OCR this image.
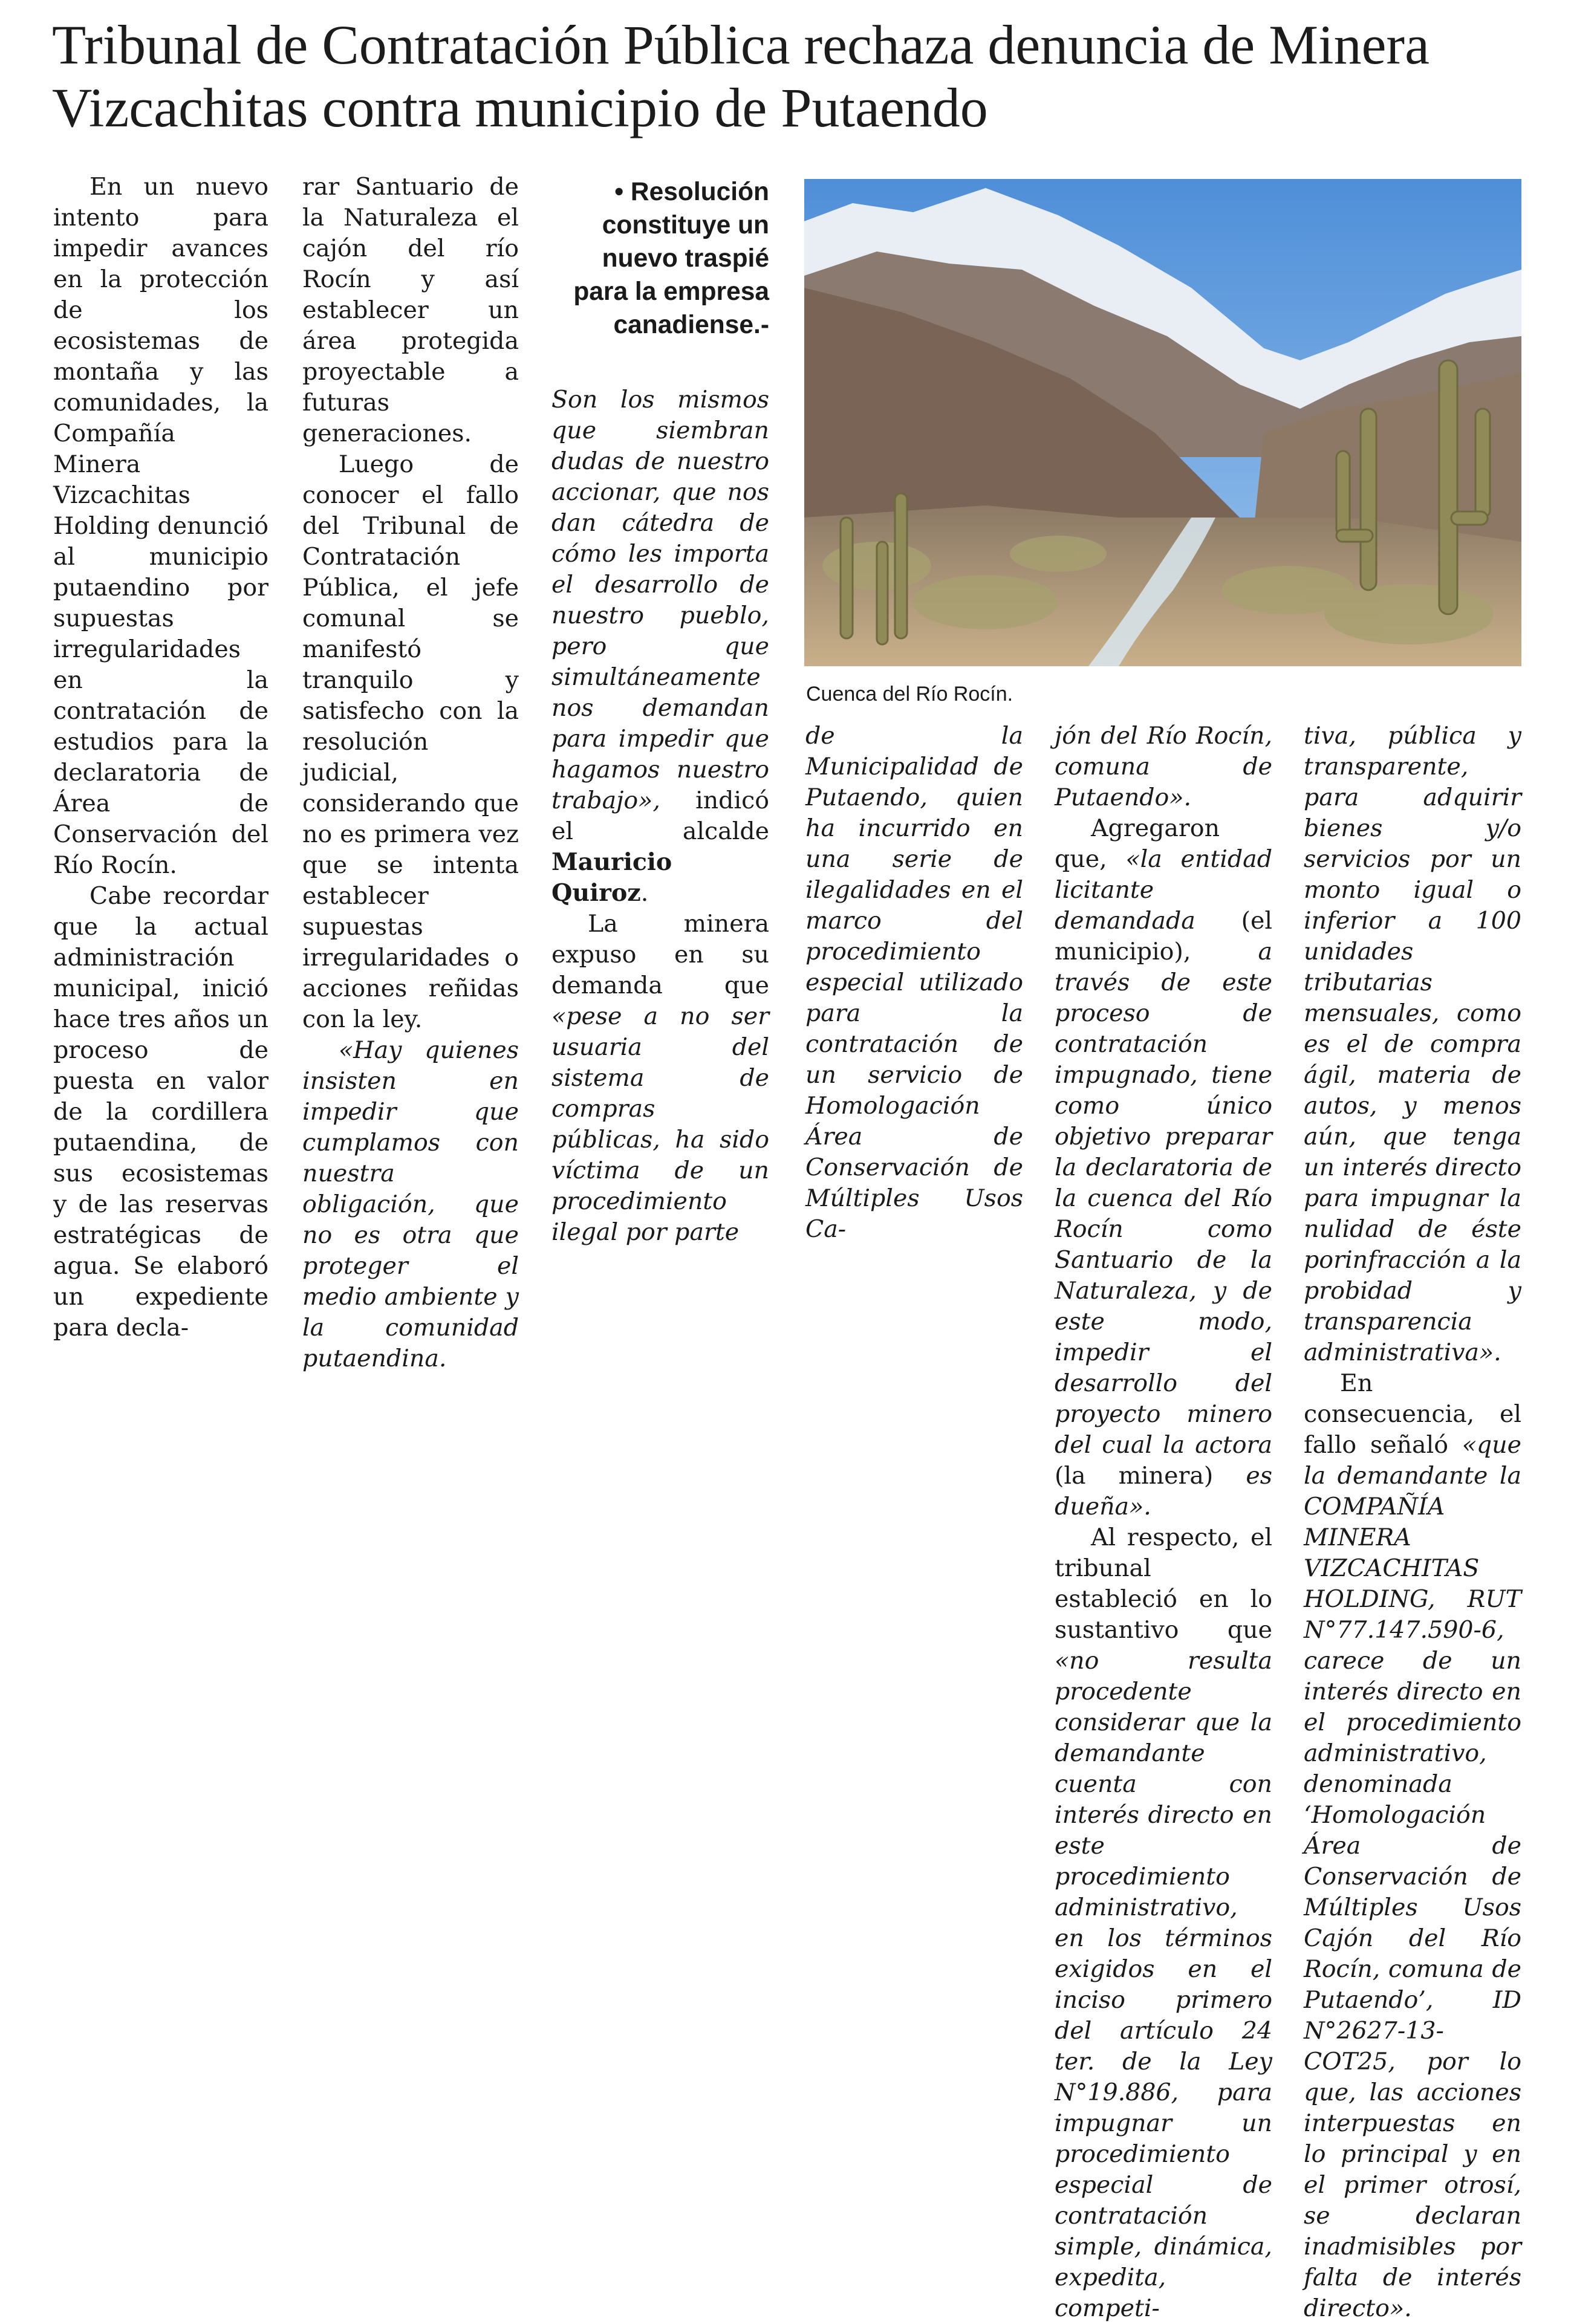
Tribunal de Contratación Pública rechaza denuncia de Minera Vizcachitas contra municipio de Putaendo

En un nuevo intento para impedir avances en la protección de los ecosistemas de montaña y las comunidades, la Compañía Minera Vizcachitas Holding denunció al municipio putaendino por supuestas irregularidades en la contratación de estudios para la declaratoria de Área de Conservación del Río Rocín.

Cabe recordar que la actual administración municipal, inició hace tres años un proceso de puesta en valor de la cordillera putaendina, de sus ecosistemas y de las reservas estratégicas de agua. Se elaboró un expediente para decla-

rar Santuario de la Naturaleza el cajón del río Rocín y así establecer un área protegida proyectable a futuras generaciones.

Luego de conocer el fallo del Tribunal de Contratación Pública, el jefe comunal se manifestó tranquilo y satisfecho con la resolución judicial, considerando que no es primera vez que se intenta establecer supuestas irregularidades o acciones reñidas con la ley.

«Hay quienes insisten en impedir que cumplamos con nuestra obligación, que no es otra que proteger el medio ambiente y la comunidad putaendina.

• Resolución constituye un nuevo traspié para la empresa canadiense.-

Son los mismos que siembran dudas de nuestro accionar, que nos dan cátedra de cómo les importa el desarrollo de nuestro pueblo, pero que simultáneamente nos demandan para impedir que hagamos nuestro trabajo», indicó el alcalde Mauricio Quiroz.

La minera expuso en su demanda que «pese a no ser usuaria del sistema de compras públicas, ha sido víctima de un procedimiento ilegal por parte

Cuenca del Río Rocín.

de la Municipalidad de Putaendo, quien ha incurrido en una serie de ilegalidades en el marco del procedimiento especial utilizado para la contratación de un servicio de Homologación Área de Conservación de Múltiples Usos Ca-

jón del Río Rocín, comuna de Putaendo».

Agregaron que, «la entidad licitante demandada (el municipio), a través de este proceso de contratación impugnado, tiene como único objetivo preparar la declaratoria de la cuenca del Río Rocín como Santuario de la Naturaleza, y de este modo, impedir el desarrollo del proyecto minero del cual la actora (la minera) es dueña».

Al respecto, el tribunal estableció en lo sustantivo que «no resulta procedente considerar que la demandante cuenta con interés directo en este procedimiento administrativo, en los términos exigidos en el inciso primero del artículo 24 ter. de la Ley N°19.886, para impugnar un procedimiento especial de contratación simple, dinámica, expedita, competi-

tiva, pública y transparente, para adquirir bienes y/o servicios por un monto igual o inferior a 100 unidades tributarias mensuales, como es el de compra ágil, materia de autos, y menos aún, que tenga un interés directo para impugnar la nulidad de éste porinfracción a la probidad y transparencia administrativa».

En consecuencia, el fallo señaló «que la demandante la COMPAÑÍA MINERA VIZCACHITAS HOLDING, RUT N°77.147.590-6, carece de un interés directo en el procedimiento administrativo, denominada ‘Homologación Área de Conservación de Múltiples Usos Cajón del Río Rocín, comuna de Putaendo’, ID N°2627-13-COT25, por lo que, las acciones interpuestas en lo principal y en el primer otrosí, se declaran inadmisibles por falta de interés directo».
